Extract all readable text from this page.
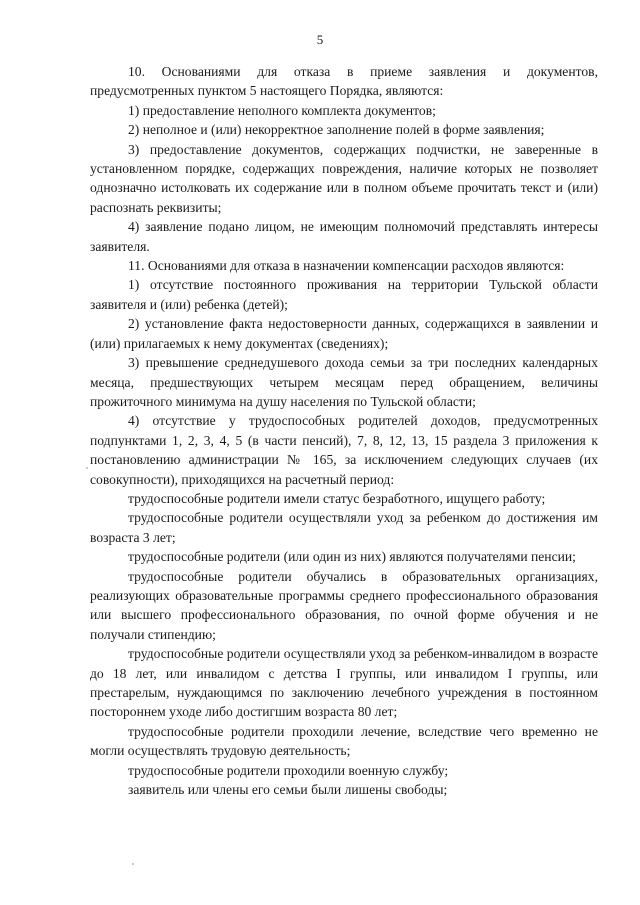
5

10. Основаниями для отказа в приеме заявления и документов, предусмотренных пунктом 5 настоящего Порядка, являются:

1) предоставление неполного комплекта документов;

2) неполное и (или) некорректное заполнение полей в форме заявления;

3) предоставление документов, содержащих подчистки, не заверенные в установленном порядке, содержащих повреждения, наличие которых не позволяет однозначно истолковать их содержание или в полном объеме прочитать текст и (или) распознать реквизиты;

4) заявление подано лицом, не имеющим полномочий представлять интересы заявителя.

11. Основаниями для отказа в назначении компенсации расходов являются:

1) отсутствие постоянного проживания на территории Тульской области заявителя и (или) ребенка (детей);

2) установление факта недостоверности данных, содержащихся в заявлении и (или) прилагаемых к нему документах (сведениях);

3) превышение среднедушевого дохода семьи за три последних календарных месяца, предшествующих четырем месяцам перед обращением, величины прожиточного минимума на душу населения по Тульской области;

4) отсутствие у трудоспособных родителей доходов, предусмотренных подпунктами 1, 2, 3, 4, 5 (в части пенсий), 7, 8, 12, 13, 15 раздела 3 приложения к постановлению администрации № 165, за исключением следующих случаев (их совокупности), приходящихся на расчетный период:

трудоспособные родители имели статус безработного, ищущего работу;

трудоспособные родители осуществляли уход за ребенком до достижения им возраста 3 лет;

трудоспособные родители (или один из них) являются получателями пенсии;

трудоспособные родители обучались в образовательных организациях, реализующих образовательные программы среднего профессионального образования или высшего профессионального образования, по очной форме обучения и не получали стипендию;

трудоспособные родители осуществляли уход за ребенком-инвалидом в возрасте до 18 лет, или инвалидом с детства I группы, или инвалидом I группы, или престарелым, нуждающимся по заключению лечебного учреждения в постоянном постороннем уходе либо достигшим возраста 80 лет;

трудоспособные родители проходили лечение, вследствие чего временно не могли осуществлять трудовую деятельность;

трудоспособные родители проходили военную службу;

заявитель или члены его семьи были лишены свободы;
